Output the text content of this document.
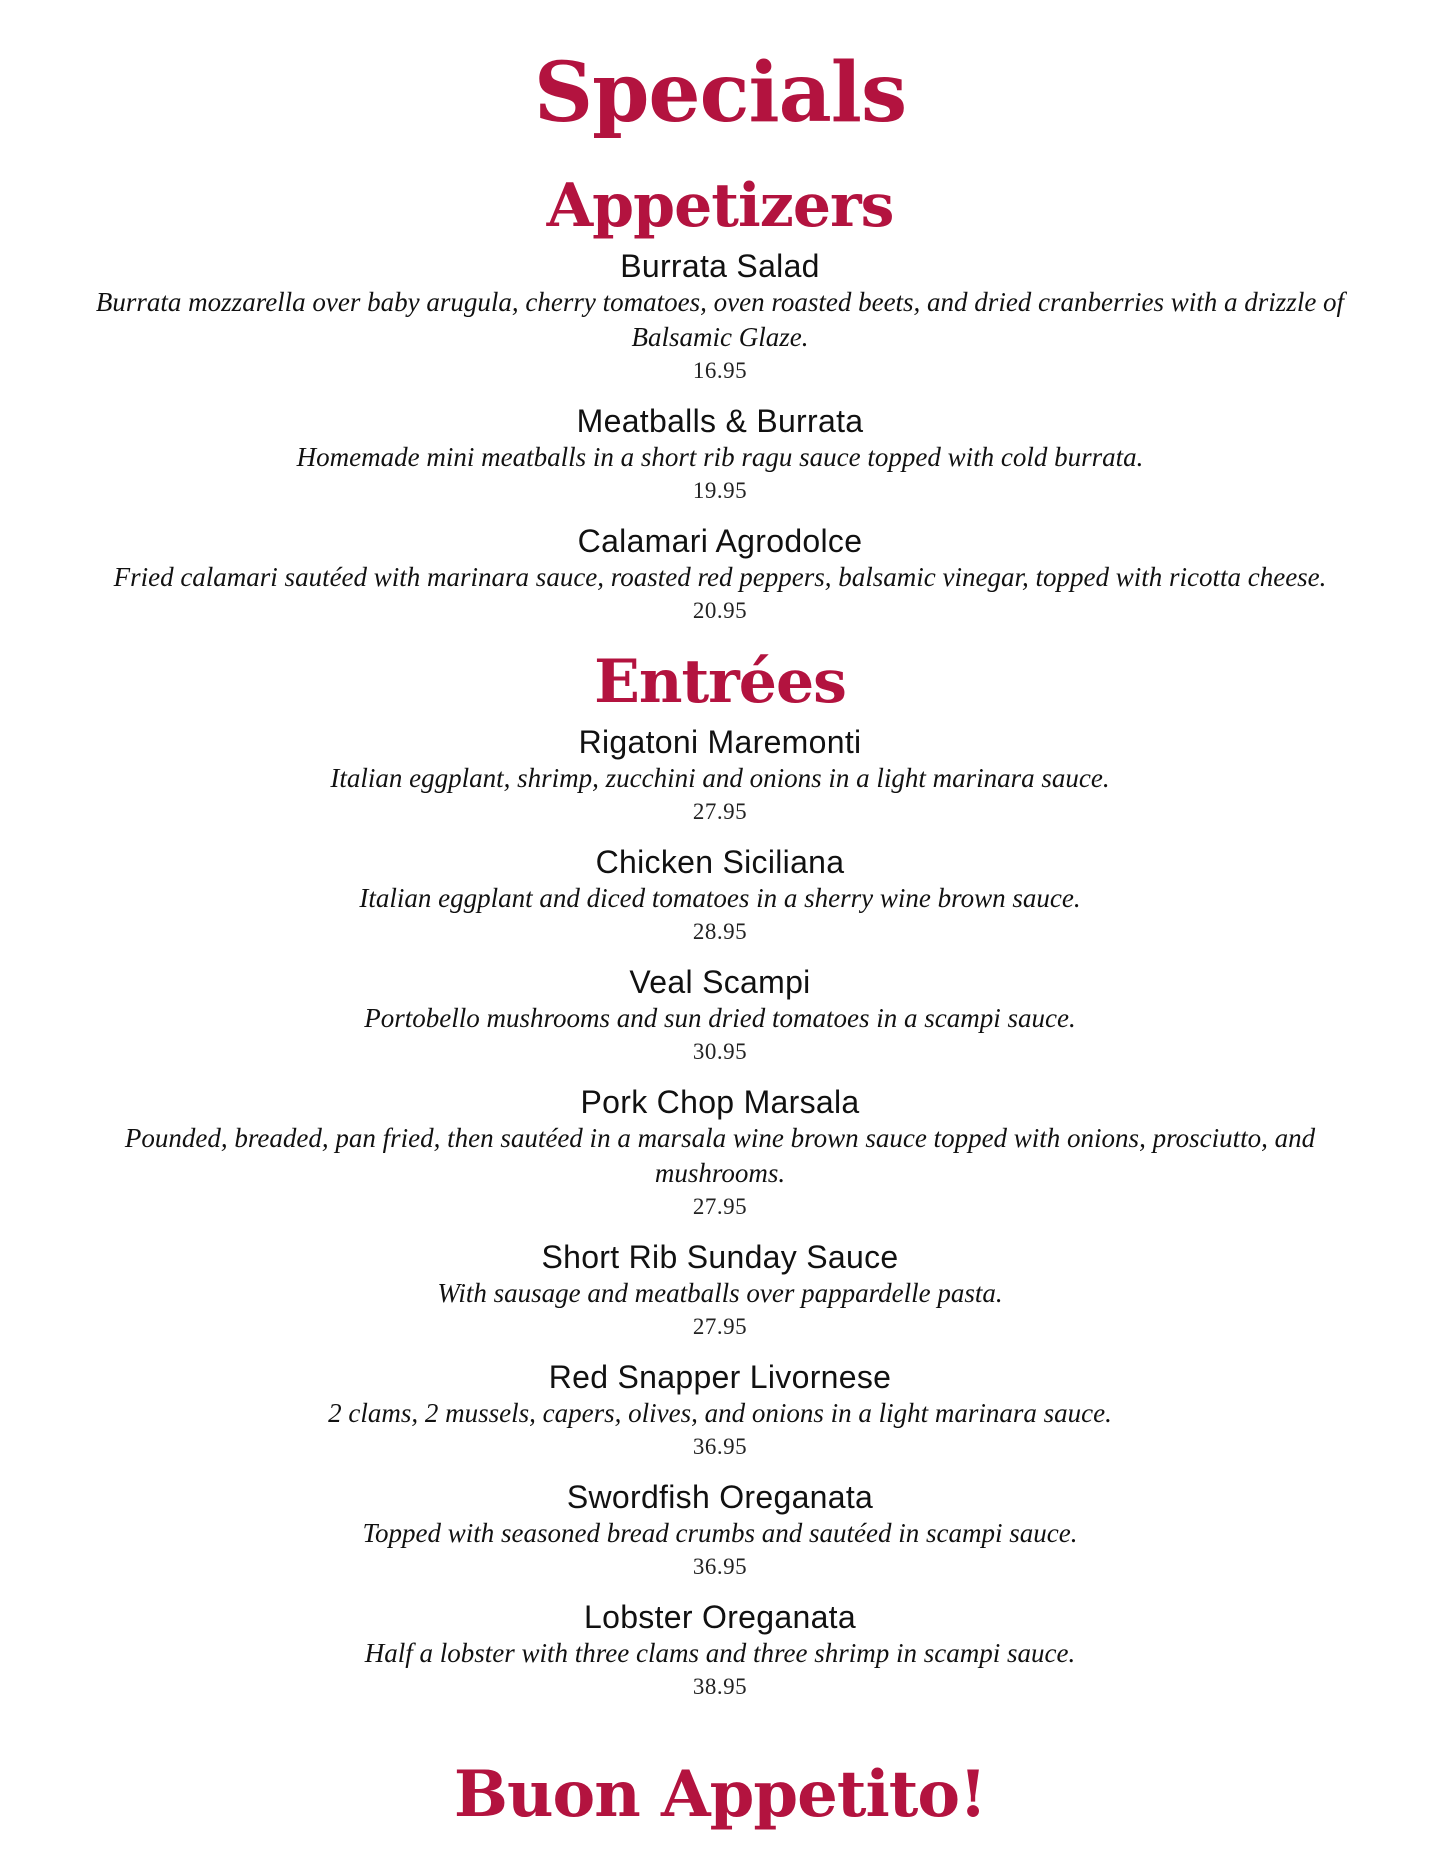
Specials
Appetizers
Burrata Salad
Burrata mozzarella over baby arugula, cherry tomatoes, oven roasted beets, and dried cranberries with a drizzle of Balsamic Glaze.
16.95
Meatballs & Burrata
Homemade mini meatballs in a short rib ragu sauce topped with cold burrata.
19.95
Calamari Agrodolce
Fried calamari sautéed with marinara sauce, roasted red peppers, balsamic vinegar, topped with ricotta cheese.
20.95
Entrées
Rigatoni Maremonti
Italian eggplant, shrimp, zucchini and onions in a light marinara sauce.
27.95
Chicken Siciliana
Italian eggplant and diced tomatoes in a sherry wine brown sauce.
28.95
Veal Scampi
Portobello mushrooms and sun dried tomatoes in a scampi sauce.
30.95
Pork Chop Marsala
Pounded, breaded, pan fried, then sautéed in a marsala wine brown sauce topped with onions, prosciutto, and mushrooms.
27.95
Short Rib Sunday Sauce
With sausage and meatballs over pappardelle pasta.
27.95
Red Snapper Livornese
2 clams, 2 mussels, capers, olives, and onions in a light marinara sauce.
36.95
Swordfish Oreganata
Topped with seasoned bread crumbs and sautéed in scampi sauce.
36.95
Lobster Oreganata
Half a lobster with three clams and three shrimp in scampi sauce.
38.95
Buon Appetito!
